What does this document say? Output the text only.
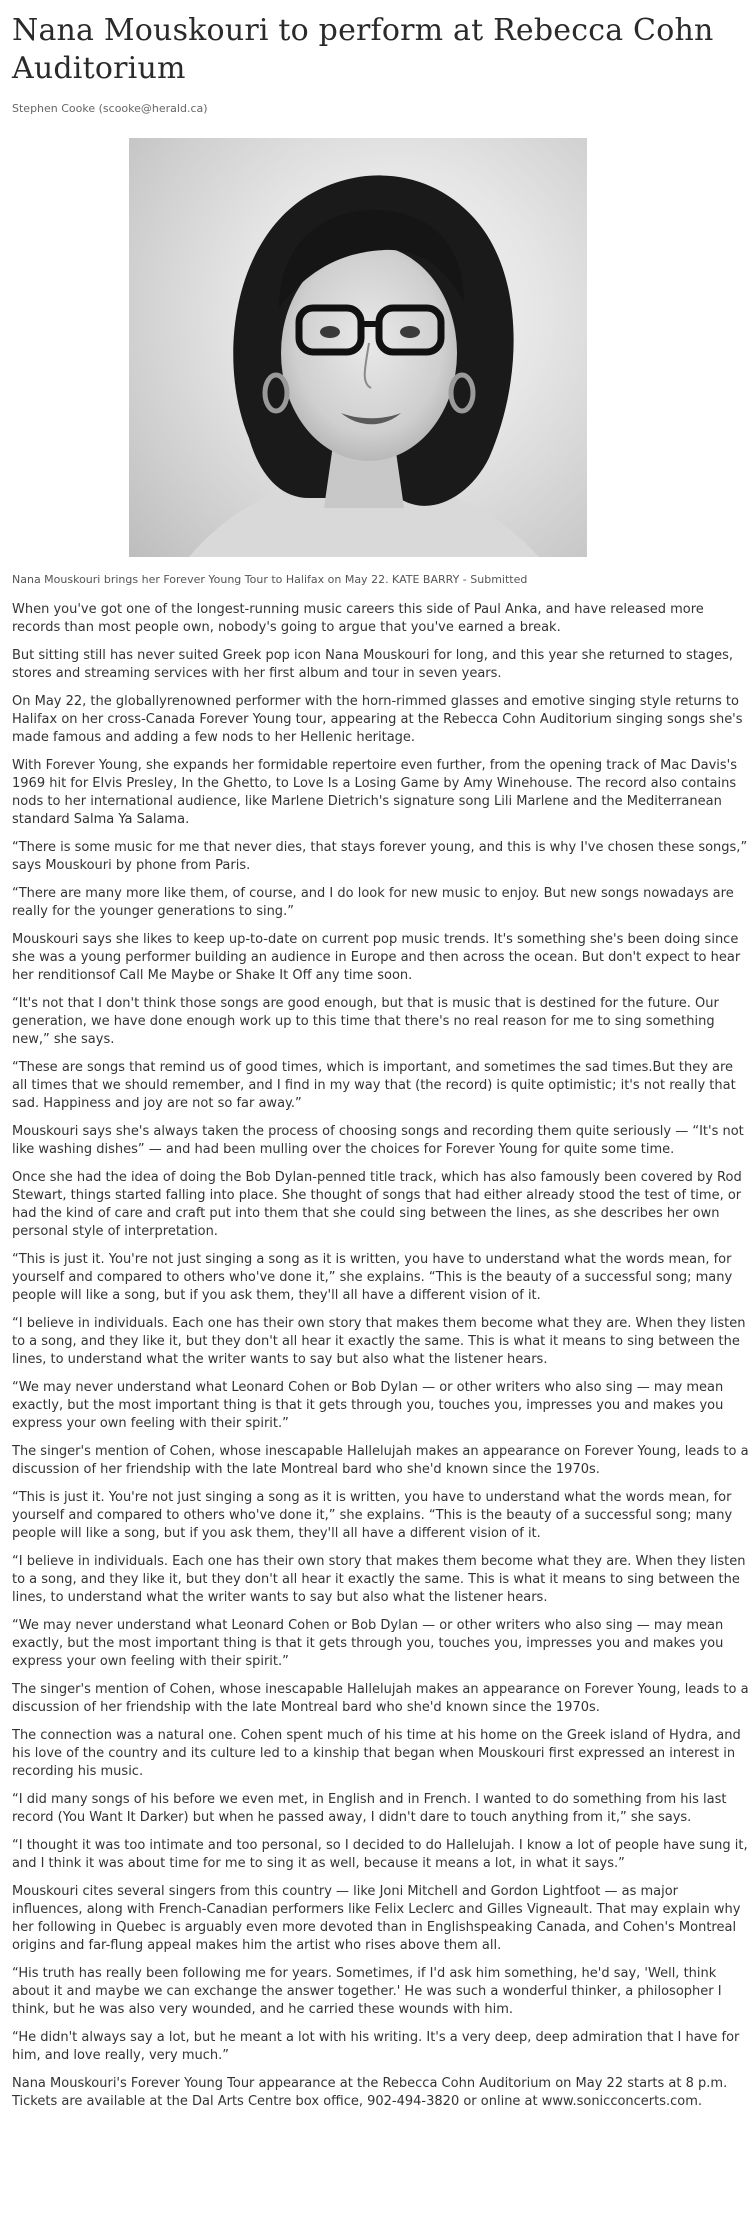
Nana Mouskouri to perform at Rebecca Cohn Auditorium
Stephen Cooke (scooke@herald.ca)
Nana Mouskouri brings her Forever Young Tour to Halifax on May 22. KATE BARRY - Submitted

When you've got one of the longest-running music careers this side of Paul Anka, and have released more records than most people own, nobody's going to argue that you've earned a break.

But sitting still has never suited Greek pop icon Nana Mouskouri for long, and this year she returned to stages, stores and streaming services with her first album and tour in seven years.

On May 22, the globallyrenowned performer with the horn-rimmed glasses and emotive singing style returns to Halifax on her cross-Canada Forever Young tour, appearing at the Rebecca Cohn Auditorium singing songs she's made famous and adding a few nods to her Hellenic heritage.

With Forever Young, she expands her formidable repertoire even further, from the opening track of Mac Davis's 1969 hit for Elvis Presley, In the Ghetto, to Love Is a Losing Game by Amy Winehouse. The record also contains nods to her international audience, like Marlene Dietrich's signature song Lili Marlene and the Mediterranean standard Salma Ya Salama.

“There is some music for me that never dies, that stays forever young, and this is why I've chosen these songs,” says Mouskouri by phone from Paris.

“There are many more like them, of course, and I do look for new music to enjoy. But new songs nowadays are really for the younger generations to sing.”

Mouskouri says she likes to keep up-to-date on current pop music trends. It's something she's been doing since she was a young performer building an audience in Europe and then across the ocean. But don't expect to hear her renditionsof Call Me Maybe or Shake It Off any time soon.

“It's not that I don't think those songs are good enough, but that is music that is destined for the future. Our generation, we have done enough work up to this time that there's no real reason for me to sing something new,” she says.

“These are songs that remind us of good times, which is important, and sometimes the sad times.But they are all times that we should remember, and I find in my way that (the record) is quite optimistic; it's not really that sad. Happiness and joy are not so far away.”

Mouskouri says she's always taken the process of choosing songs and recording them quite seriously — “It's not like washing dishes” — and had been mulling over the choices for Forever Young for quite some time.

Once she had the idea of doing the Bob Dylan-penned title track, which has also famously been covered by Rod Stewart, things started falling into place. She thought of songs that had either already stood the test of time, or had the kind of care and craft put into them that she could sing between the lines, as she describes her own personal style of interpretation.

“This is just it. You're not just singing a song as it is written, you have to understand what the words mean, for yourself and compared to others who've done it,” she explains. “This is the beauty of a successful song; many people will like a song, but if you ask them, they'll all have a different vision of it.

“I believe in individuals. Each one has their own story that makes them become what they are. When they listen to a song, and they like it, but they don't all hear it exactly the same. This is what it means to sing between the lines, to understand what the writer wants to say but also what the listener hears.

“We may never understand what Leonard Cohen or Bob Dylan — or other writers who also sing — may mean exactly, but the most important thing is that it gets through you, touches you, impresses you and makes you express your own feeling with their spirit.”

The singer's mention of Cohen, whose inescapable Hallelujah makes an appearance on Forever Young, leads to a discussion of her friendship with the late Montreal bard who she'd known since the 1970s.

“This is just it. You're not just singing a song as it is written, you have to understand what the words mean, for yourself and compared to others who've done it,” she explains. “This is the beauty of a successful song; many people will like a song, but if you ask them, they'll all have a different vision of it.

“I believe in individuals. Each one has their own story that makes them become what they are. When they listen to a song, and they like it, but they don't all hear it exactly the same. This is what it means to sing between the lines, to understand what the writer wants to say but also what the listener hears.

“We may never understand what Leonard Cohen or Bob Dylan — or other writers who also sing — may mean exactly, but the most important thing is that it gets through you, touches you, impresses you and makes you express your own feeling with their spirit.”

The singer's mention of Cohen, whose inescapable Hallelujah makes an appearance on Forever Young, leads to a discussion of her friendship with the late Montreal bard who she'd known since the 1970s.

The connection was a natural one. Cohen spent much of his time at his home on the Greek island of Hydra, and his love of the country and its culture led to a kinship that began when Mouskouri first expressed an interest in recording his music.

“I did many songs of his before we even met, in English and in French. I wanted to do something from his last record (You Want It Darker) but when he passed away, I didn't dare to touch anything from it,” she says.

“I thought it was too intimate and too personal, so I decided to do Hallelujah. I know a lot of people have sung it, and I think it was about time for me to sing it as well, because it means a lot, in what it says.”

Mouskouri cites several singers from this country — like Joni Mitchell and Gordon Lightfoot — as major influences, along with French-Canadian performers like Felix Leclerc and Gilles Vigneault. That may explain why her following in Quebec is arguably even more devoted than in Englishspeaking Canada, and Cohen's Montreal origins and far-flung appeal makes him the artist who rises above them all.

“His truth has really been following me for years. Sometimes, if I'd ask him something, he'd say, 'Well, think about it and maybe we can exchange the answer together.' He was such a wonderful thinker, a philosopher I think, but he was also very wounded, and he carried these wounds with him.

“He didn't always say a lot, but he meant a lot with his writing. It's a very deep, deep admiration that I have for him, and love really, very much.”

Nana Mouskouri's Forever Young Tour appearance at the Rebecca Cohn Auditorium on May 22 starts at 8 p.m. Tickets are available at the Dal Arts Centre box office, 902-494-3820 or online at www.sonicconcerts.com.
